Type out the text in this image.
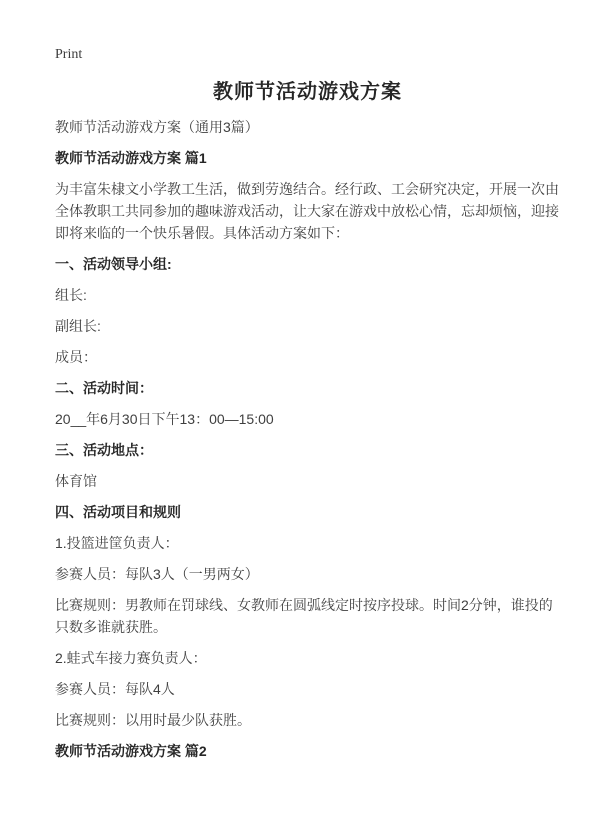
Print
教师节活动游戏方案

教师节活动游戏方案（通用3篇）

教师节活动游戏方案 篇1

为丰富朱棣文小学教工生活，做到劳逸结合。经行政、工会研究决定，开展一次由全体教职工共同参加的趣味游戏活动，让大家在游戏中放松心情，忘却烦恼，迎接即将来临的一个快乐暑假。具体活动方案如下：

一、活动领导小组:

组长:

副组长:

成员：

二、活动时间：

20__年6月30日下午13：00—15:00

三、活动地点：

体育馆

四、活动项目和规则

1.投篮进筐负责人：

参赛人员：每队3人（一男两女）

比赛规则：男教师在罚球线、女教师在圆弧线定时按序投球。时间2分钟，谁投的只数多谁就获胜。

2.蛙式车接力赛负责人：

参赛人员：每队4人

比赛规则：以用时最少队获胜。

教师节活动游戏方案 篇2
